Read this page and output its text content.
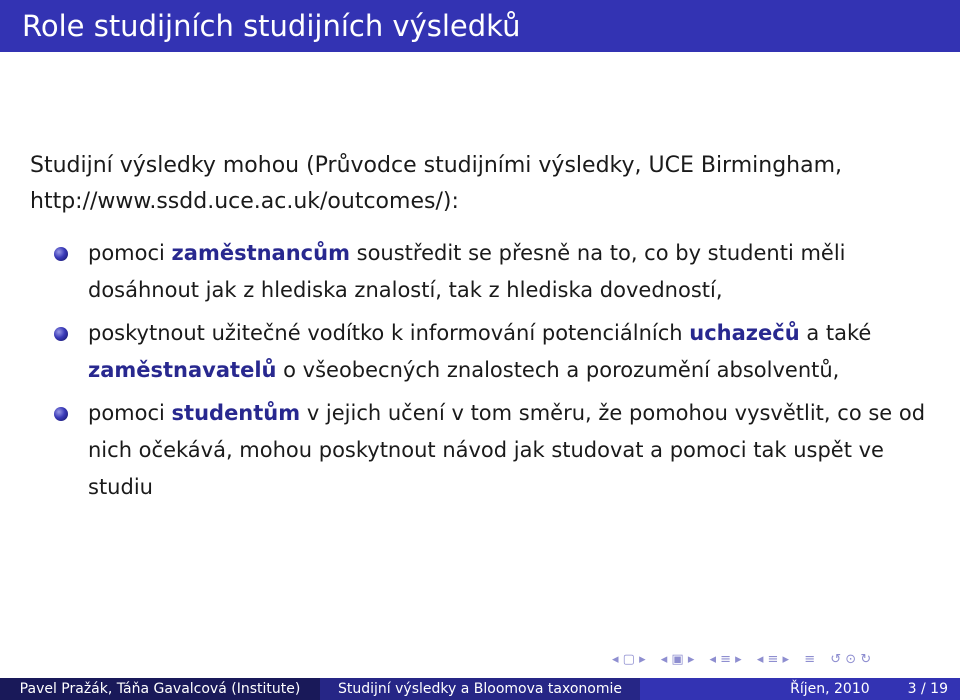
Role studijních studijních výsledků
Studijní výsledky mohou (Průvodce studijními výsledky, UCE Birmingham,
http://www.ssdd.uce.ac.uk/outcomes/):
pomoci zaměstnancům soustředit se přesně na to, co by studenti měli dosáhnout jak z hlediska znalostí, tak z hlediska dovedností,
poskytnout užitečné vodítko k informování potenciálních uchazečů a také zaměstnavatelů o všeobecných znalostech a porozumění absolventů,
pomoci studentům v jejich učení v tom směru, že pomohou vysvětlit, co se od nich očekává, mohou poskytnout návod jak studovat a pomoci tak uspět ve studiu
◂ ▢ ▸ ◂ ▣ ▸ ◂ ≡ ▸ ◂ ≡ ▸ ≡ ↺ ⊙ ↻
Pavel Pražák, Táňa Gavalcová (Institute)	Studijní výsledky a Bloomova taxonomie	Říjen, 2010	3 / 19
